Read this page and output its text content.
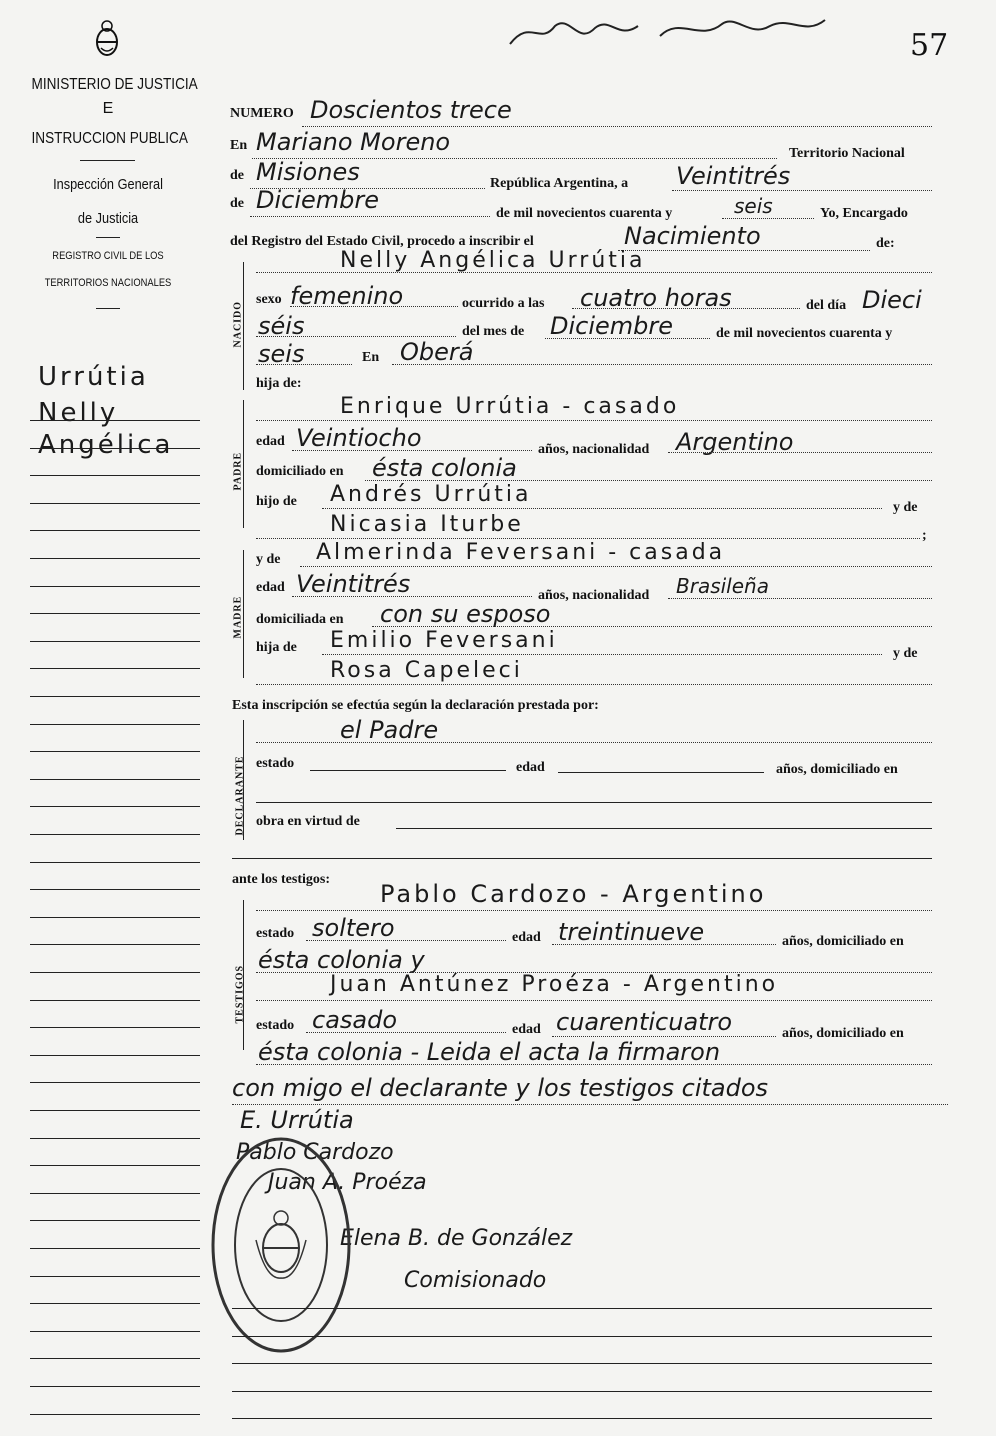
57
MINISTERIO DE JUSTICIA
E
INSTRUCCION PUBLICA
Inspección General
de Justicia
REGISTRO CIVIL DE LOS
TERRITORIOS NACIONALES
Urrútia
Nelly
Angélica
NUMERO Doscientos trece
En Mariano Moreno	Territorio Nacional
de Misiones	República Argentina, a Veintitrés
de Diciembre	de mil novecientos cuarenta y	seis	Yo, Encargado
del Registro del Estado Civil, procedo a inscribir el	Nacimiento	de:
NACIDO
Nelly Angélica Urrútia
sexo femenino	ocurrido a las cuatro horas	del día Dieci
séis	del mes de Diciembre	de mil novecientos cuarenta y
seis	En Oberá
hija de:
PADRE
Enrique Urrútia - casado
edad Veintiocho	años, nacionalidad Argentino
domiciliado en ésta colonia
hijo de Andrés Urrútia
y de
Nicasia Iturbe	;
MADRE
y de Almerinda Feversani - casada
edad Veintitrés	años, nacionalidad Brasileña
domiciliada en con su esposo
hija de Emilio Feversani
y de
Rosa Capeleci
Esta inscripción se efectúa según la declaración prestada por:
DECLARANTE
el Padre
estado	edad	años, domiciliado en
obra en virtud de
ante los testigos:
TESTIGOS
Pablo Cardozo - Argentino
estado soltero	edad treintinueve	años, domiciliado en
ésta colonia y
Juan Antúnez Proéza - Argentino
estado casado	edad cuarenticuatro	años, domiciliado en
ésta colonia - Leida el acta la firmaron
con migo el declarante y los testigos citados
E. Urrútia
Pablo Cardozo
Juan A. Proéza
Elena B. de González
Comisionado
